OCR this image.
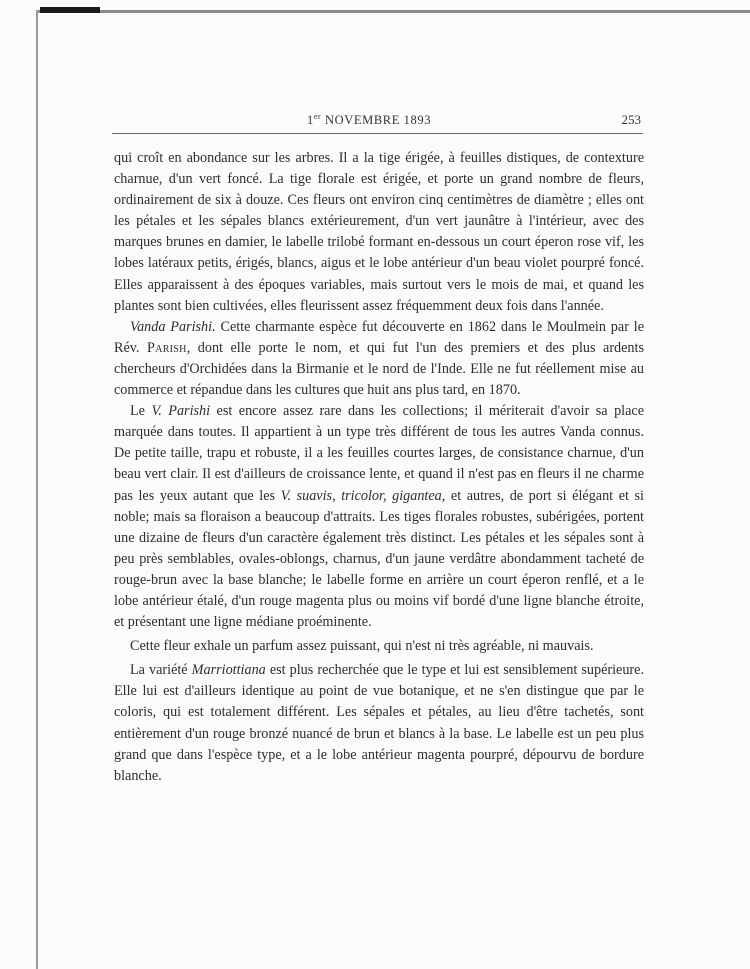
1er NOVEMBRE 1893	253

qui croît en abondance sur les arbres. Il a la tige érigée, à feuilles distiques, de contexture charnue, d'un vert foncé. La tige florale est érigée, et porte un grand nombre de fleurs, ordinairement de six à douze. Ces fleurs ont environ cinq centimètres de diamètre ; elles ont les pétales et les sépales blancs extérieurement, d'un vert jaunâtre à l'intérieur, avec des marques brunes en damier, le labelle trilobé formant en-dessous un court éperon rose vif, les lobes latéraux petits, érigés, blancs, aigus et le lobe antérieur d'un beau violet pourpré foncé. Elles apparaissent à des époques variables, mais surtout vers le mois de mai, et quand les plantes sont bien cultivées, elles fleurissent assez fréquemment deux fois dans l'année.

Vanda Parishi. Cette charmante espèce fut découverte en 1862 dans le Moulmein par le Rév. Parish, dont elle porte le nom, et qui fut l'un des premiers et des plus ardents chercheurs d'Orchidées dans la Birmanie et le nord de l'Inde. Elle ne fut réellement mise au commerce et répandue dans les cultures que huit ans plus tard, en 1870.

Le V. Parishi est encore assez rare dans les collections; il mériterait d'avoir sa place marquée dans toutes. Il appartient à un type très différent de tous les autres Vanda connus. De petite taille, trapu et robuste, il a les feuilles courtes larges, de consistance charnue, d'un beau vert clair. Il est d'ailleurs de croissance lente, et quand il n'est pas en fleurs il ne charme pas les yeux autant que les V. suavis, tricolor, gigantea, et autres, de port si élégant et si noble; mais sa floraison a beaucoup d'attraits. Les tiges florales robustes, subérigées, portent une dizaine de fleurs d'un caractère également très distinct. Les pétales et les sépales sont à peu près semblables, ovales-oblongs, charnus, d'un jaune verdâtre abondamment tacheté de rouge-brun avec la base blanche; le labelle forme en arrière un court éperon renflé, et a le lobe antérieur étalé, d'un rouge magenta plus ou moins vif bordé d'une ligne blanche étroite, et présentant une ligne médiane proéminente.

Cette fleur exhale un parfum assez puissant, qui n'est ni très agréable, ni mauvais.

La variété Marriottiana est plus recherchée que le type et lui est sensiblement supérieure. Elle lui est d'ailleurs identique au point de vue botanique, et ne s'en distingue que par le coloris, qui est totalement différent. Les sépales et pétales, au lieu d'être tachetés, sont entièrement d'un rouge bronzé nuancé de brun et blancs à la base. Le labelle est un peu plus grand que dans l'espèce type, et a le lobe antérieur magenta pourpré, dépourvu de bordure blanche.
